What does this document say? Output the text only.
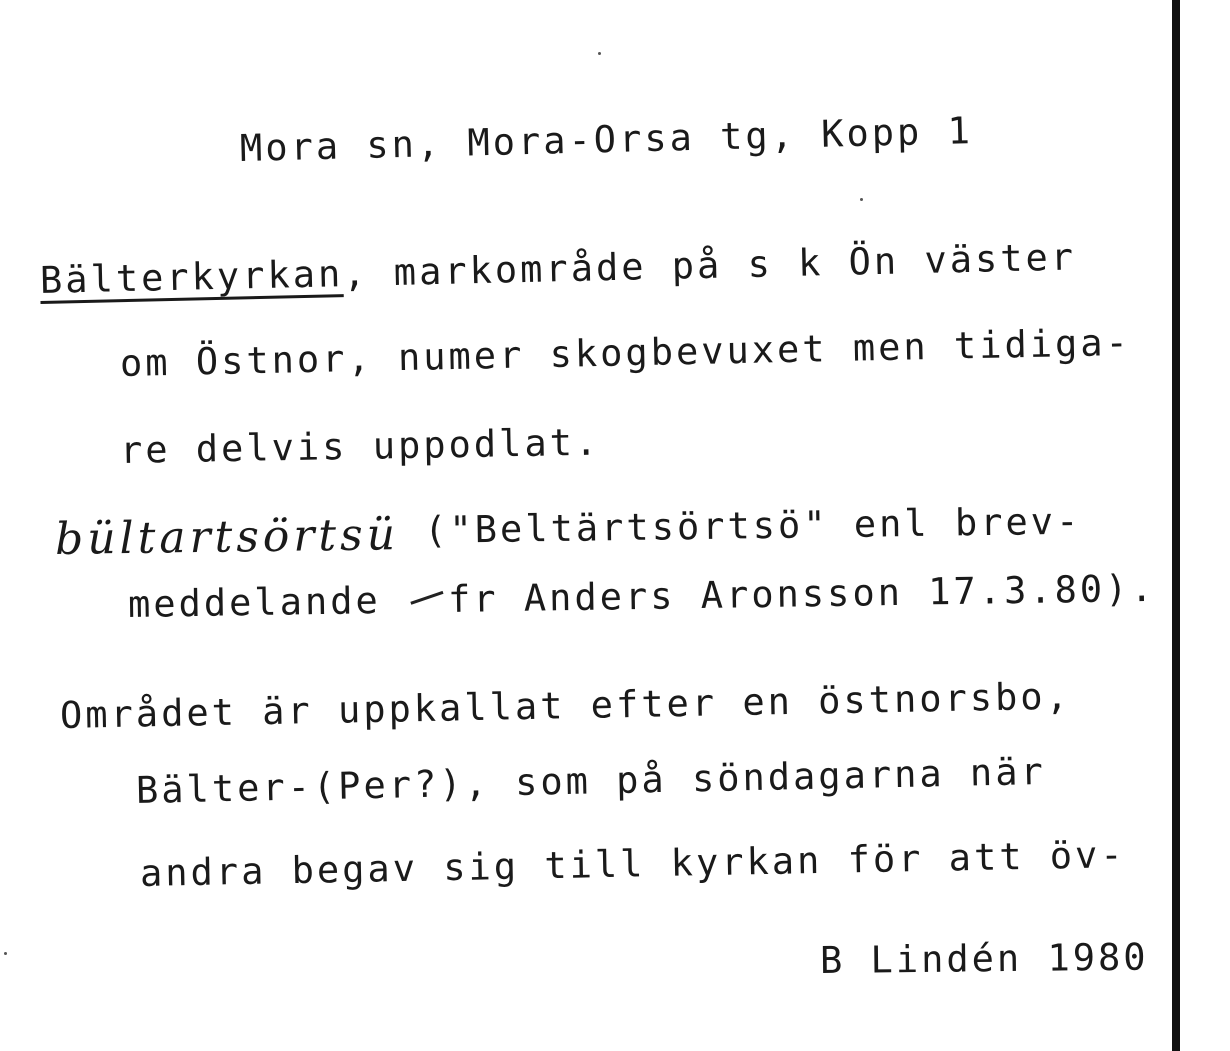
Mora sn, Mora-Orsa tg, Kopp 1
Bälterkyrkan, markområde på s k Ön väster
om Östnor, numer skogbevuxet men tidiga-
re delvis uppodlat.
bültartsörtsü ("Beltärtsörtsö" enl brev-
meddelande fr Anders Aronsson 17.3.80).
Området är uppkallat efter en östnorsbo,
Bälter-(Per?), som på söndagarna när
andra begav sig till kyrkan för att öv-
B Lindén 1980
